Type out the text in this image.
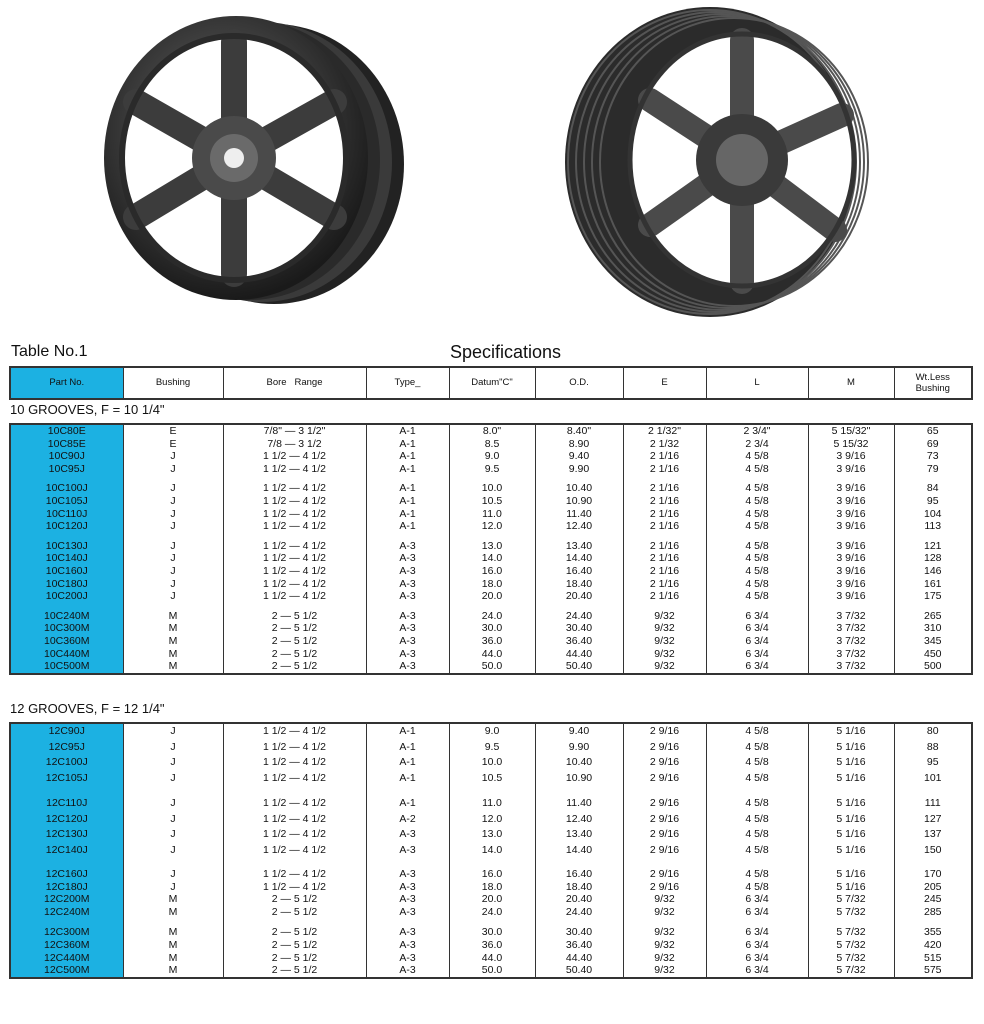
Table No.1	Specifications
Part No.	Bushing	Bore   Range	Type_	Datum"C"	O.D.	E	L	M	Wt.Less
Bushing
10 GROOVES, F = 10 1/4"
10C80E	E	7/8" — 3 1/2"	A-1	8.0"	8.40"	2 1/32"	2 3/4"	5 15/32"	65
10C85E	E	7/8 — 3 1/2	A-1	8.5	8.90	2 1/32	2 3/4	5 15/32	69
10C90J	J	1 1/2 — 4 1/2	A-1	9.0	9.40	2 1/16	4 5/8	3 9/16	73
10C95J	J	1 1/2 — 4 1/2	A-1	9.5	9.90	2 1/16	4 5/8	3 9/16	79

10C100J	J	1 1/2 — 4 1/2	A-1	10.0	10.40	2 1/16	4 5/8	3 9/16	84
10C105J	J	1 1/2 — 4 1/2	A-1	10.5	10.90	2 1/16	4 5/8	3 9/16	95
10C110J	J	1 1/2 — 4 1/2	A-1	11.0	11.40	2 1/16	4 5/8	3 9/16	104
10C120J	J	1 1/2 — 4 1/2	A-1	12.0	12.40	2 1/16	4 5/8	3 9/16	113

10C130J	J	1 1/2 — 4 1/2	A-3	13.0	13.40	2 1/16	4 5/8	3 9/16	121
10C140J	J	1 1/2 — 4 1/2	A-3	14.0	14.40	2 1/16	4 5/8	3 9/16	128
10C160J	J	1 1/2 — 4 1/2	A-3	16.0	16.40	2 1/16	4 5/8	3 9/16	146
10C180J	J	1 1/2 — 4 1/2	A-3	18.0	18.40	2 1/16	4 5/8	3 9/16	161
10C200J	J	1 1/2 — 4 1/2	A-3	20.0	20.40	2 1/16	4 5/8	3 9/16	175

10C240M	M	2 — 5 1/2	A-3	24.0	24.40	9/32	6 3/4	3 7/32	265
10C300M	M	2 — 5 1/2	A-3	30.0	30.40	9/32	6 3/4	3 7/32	310
10C360M	M	2 — 5 1/2	A-3	36.0	36.40	9/32	6 3/4	3 7/32	345
10C440M	M	2 — 5 1/2	A-3	44.0	44.40	9/32	6 3/4	3 7/32	450
10C500M	M	2 — 5 1/2	A-3	50.0	50.40	9/32	6 3/4	3 7/32	500
12 GROOVES, F = 12 1/4"
12C90J	J	1 1/2 — 4 1/2	A-1	9.0	9.40	2 9/16	4 5/8	5 1/16	80
12C95J	J	1 1/2 — 4 1/2	A-1	9.5	9.90	2 9/16	4 5/8	5 1/16	88
12C100J	J	1 1/2 — 4 1/2	A-1	10.0	10.40	2 9/16	4 5/8	5 1/16	95
12C105J	J	1 1/2 — 4 1/2	A-1	10.5	10.90	2 9/16	4 5/8	5 1/16	101

12C110J	J	1 1/2 — 4 1/2	A-1	11.0	11.40	2 9/16	4 5/8	5 1/16	111
12C120J	J	1 1/2 — 4 1/2	A-2	12.0	12.40	2 9/16	4 5/8	5 1/16	127
12C130J	J	1 1/2 — 4 1/2	A-3	13.0	13.40	2 9/16	4 5/8	5 1/16	137
12C140J	J	1 1/2 — 4 1/2	A-3	14.0	14.40	2 9/16	4 5/8	5 1/16	150

12C160J	J	1 1/2 — 4 1/2	A-3	16.0	16.40	2 9/16	4 5/8	5 1/16	170
12C180J	J	1 1/2 — 4 1/2	A-3	18.0	18.40	2 9/16	4 5/8	5 1/16	205
12C200M	M	2 — 5 1/2	A-3	20.0	20.40	9/32	6 3/4	5 7/32	245
12C240M	M	2 — 5 1/2	A-3	24.0	24.40	9/32	6 3/4	5 7/32	285

12C300M	M	2 — 5 1/2	A-3	30.0	30.40	9/32	6 3/4	5 7/32	355
12C360M	M	2 — 5 1/2	A-3	36.0	36.40	9/32	6 3/4	5 7/32	420
12C440M	M	2 — 5 1/2	A-3	44.0	44.40	9/32	6 3/4	5 7/32	515
12C500M	M	2 — 5 1/2	A-3	50.0	50.40	9/32	6 3/4	5 7/32	575
